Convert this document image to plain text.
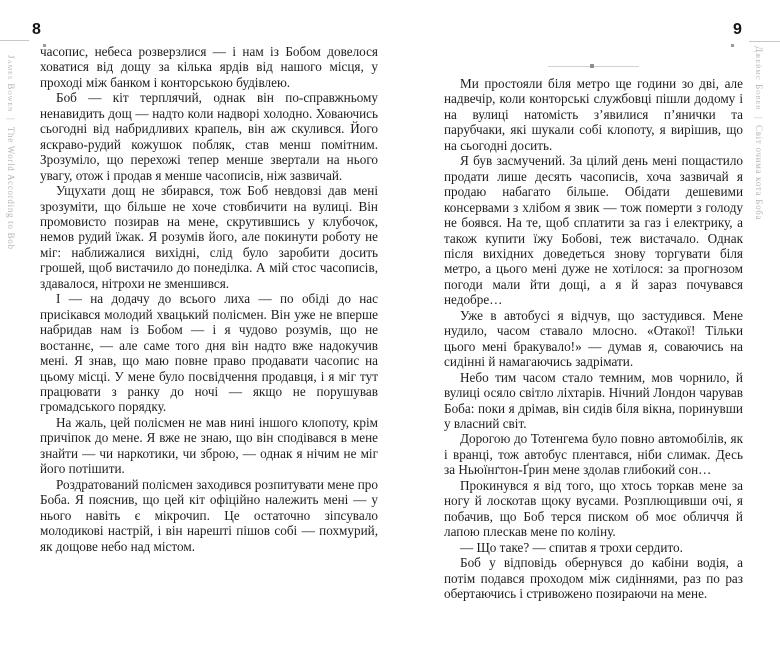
8	9
James Bowen | The World According to Bob
Джеймс Бовен | Світ очима кота Боба

часопис, небеса розверзлися — і нам із Бобом довелося ховатися від дощу за кілька ярдів від нашого місця, у проході між банком і конторською будівлею.

Боб — кіт терплячий, однак він по-справжньому ненавидить дощ — надто коли надворі холодно. Ховаючись сьогодні від набридливих крапель, він аж скулився. Його яскраво-рудий кожушок побляк, став менш помітним. Зрозуміло, що перехожі тепер менше звертали на нього увагу, отож і продав я менше часописів, ніж зазвичай.

Ущухати дощ не збирався, тож Боб невдовзі дав мені зрозуміти, що більше не хоче стовбичити на вулиці. Він промовисто позирав на мене, скрутившись у клубочок, немов рудий їжак. Я розумів його, але покинути роботу не міг: наближалися вихідні, слід було заробити досить грошей, щоб вистачило до понеділка. А мій стос часописів, здавалося, нітрохи не зменшився.

І — на додачу до всього лиха — по обіді до нас присікався молодий хвацький полісмен. Він уже не вперше набридав нам із Бобом — і я чудово розумів, що не востаннє, — але саме того дня він надто вже надокучив мені. Я знав, що маю повне право продавати часопис на цьому місці. У мене було посвідчення продавця, і я міг тут працювати з ранку до ночі — якщо не порушував громадського порядку.

На жаль, цей полісмен не мав нині іншого клопоту, крім причіпок до мене. Я вже не знаю, що він сподівався в мене знайти — чи наркотики, чи зброю, — однак я нічим не міг його потішити.

Роздратований полісмен заходився розпитувати мене про Боба. Я пояснив, що цей кіт офіційно належить мені — у нього навіть є мікрочип. Це остаточно зіпсувало молодикові настрій, і він нарешті пішов собі — похмурий, як дощове небо над містом.

Ми простояли біля метро ще години зо дві, але надвечір, коли конторські службовці пішли додому і на вулиці натомість з’явилися п’янички та парубчаки, які шукали собі клопоту, я вирішив, що на сьогодні досить.

Я був засмучений. За цілий день мені пощастило продати лише десять часописів, хоча зазвичай я продаю набагато більше. Обідати дешевими консервами з хлібом я звик — тож померти з голоду не боявся. На те, щоб сплатити за газ і електрику, а також купити їжу Бобові, теж вистачало. Однак після вихідних доведеться знову торгувати біля метро, а цього мені дуже не хотілося: за прогнозом погоди мали йти дощі, а я й зараз почувався недобре…

Уже в автобусі я відчув, що застудився. Мене нудило, часом ставало млосно. «Отакої! Тільки цього мені бракувало!» — думав я, соваючись на сидінні й намагаючись задрімати.

Небо тим часом стало темним, мов чорнило, й вулиці осяло світло ліхтарів. Нічний Лондон чарував Боба: поки я дрімав, він сидів біля вікна, поринувши у власний світ.

Дорогою до Тотенгема було повно автомобілів, як і вранці, тож автобус плентався, ніби слимак. Десь за Ньюїнґтон-Ґрин мене здолав глибокий сон…

Прокинувся я від того, що хтось торкав мене за ногу й лоскотав щоку вусами. Розплющивши очі, я побачив, що Боб терся писком об моє обличчя й лапою плескав мене по коліну.

— Що таке? — спитав я трохи сердито.

Боб у відповідь обернувся до кабіни водія, а потім подався проходом між сидіннями, раз по раз обертаючись і стривожено позираючи на мене.
